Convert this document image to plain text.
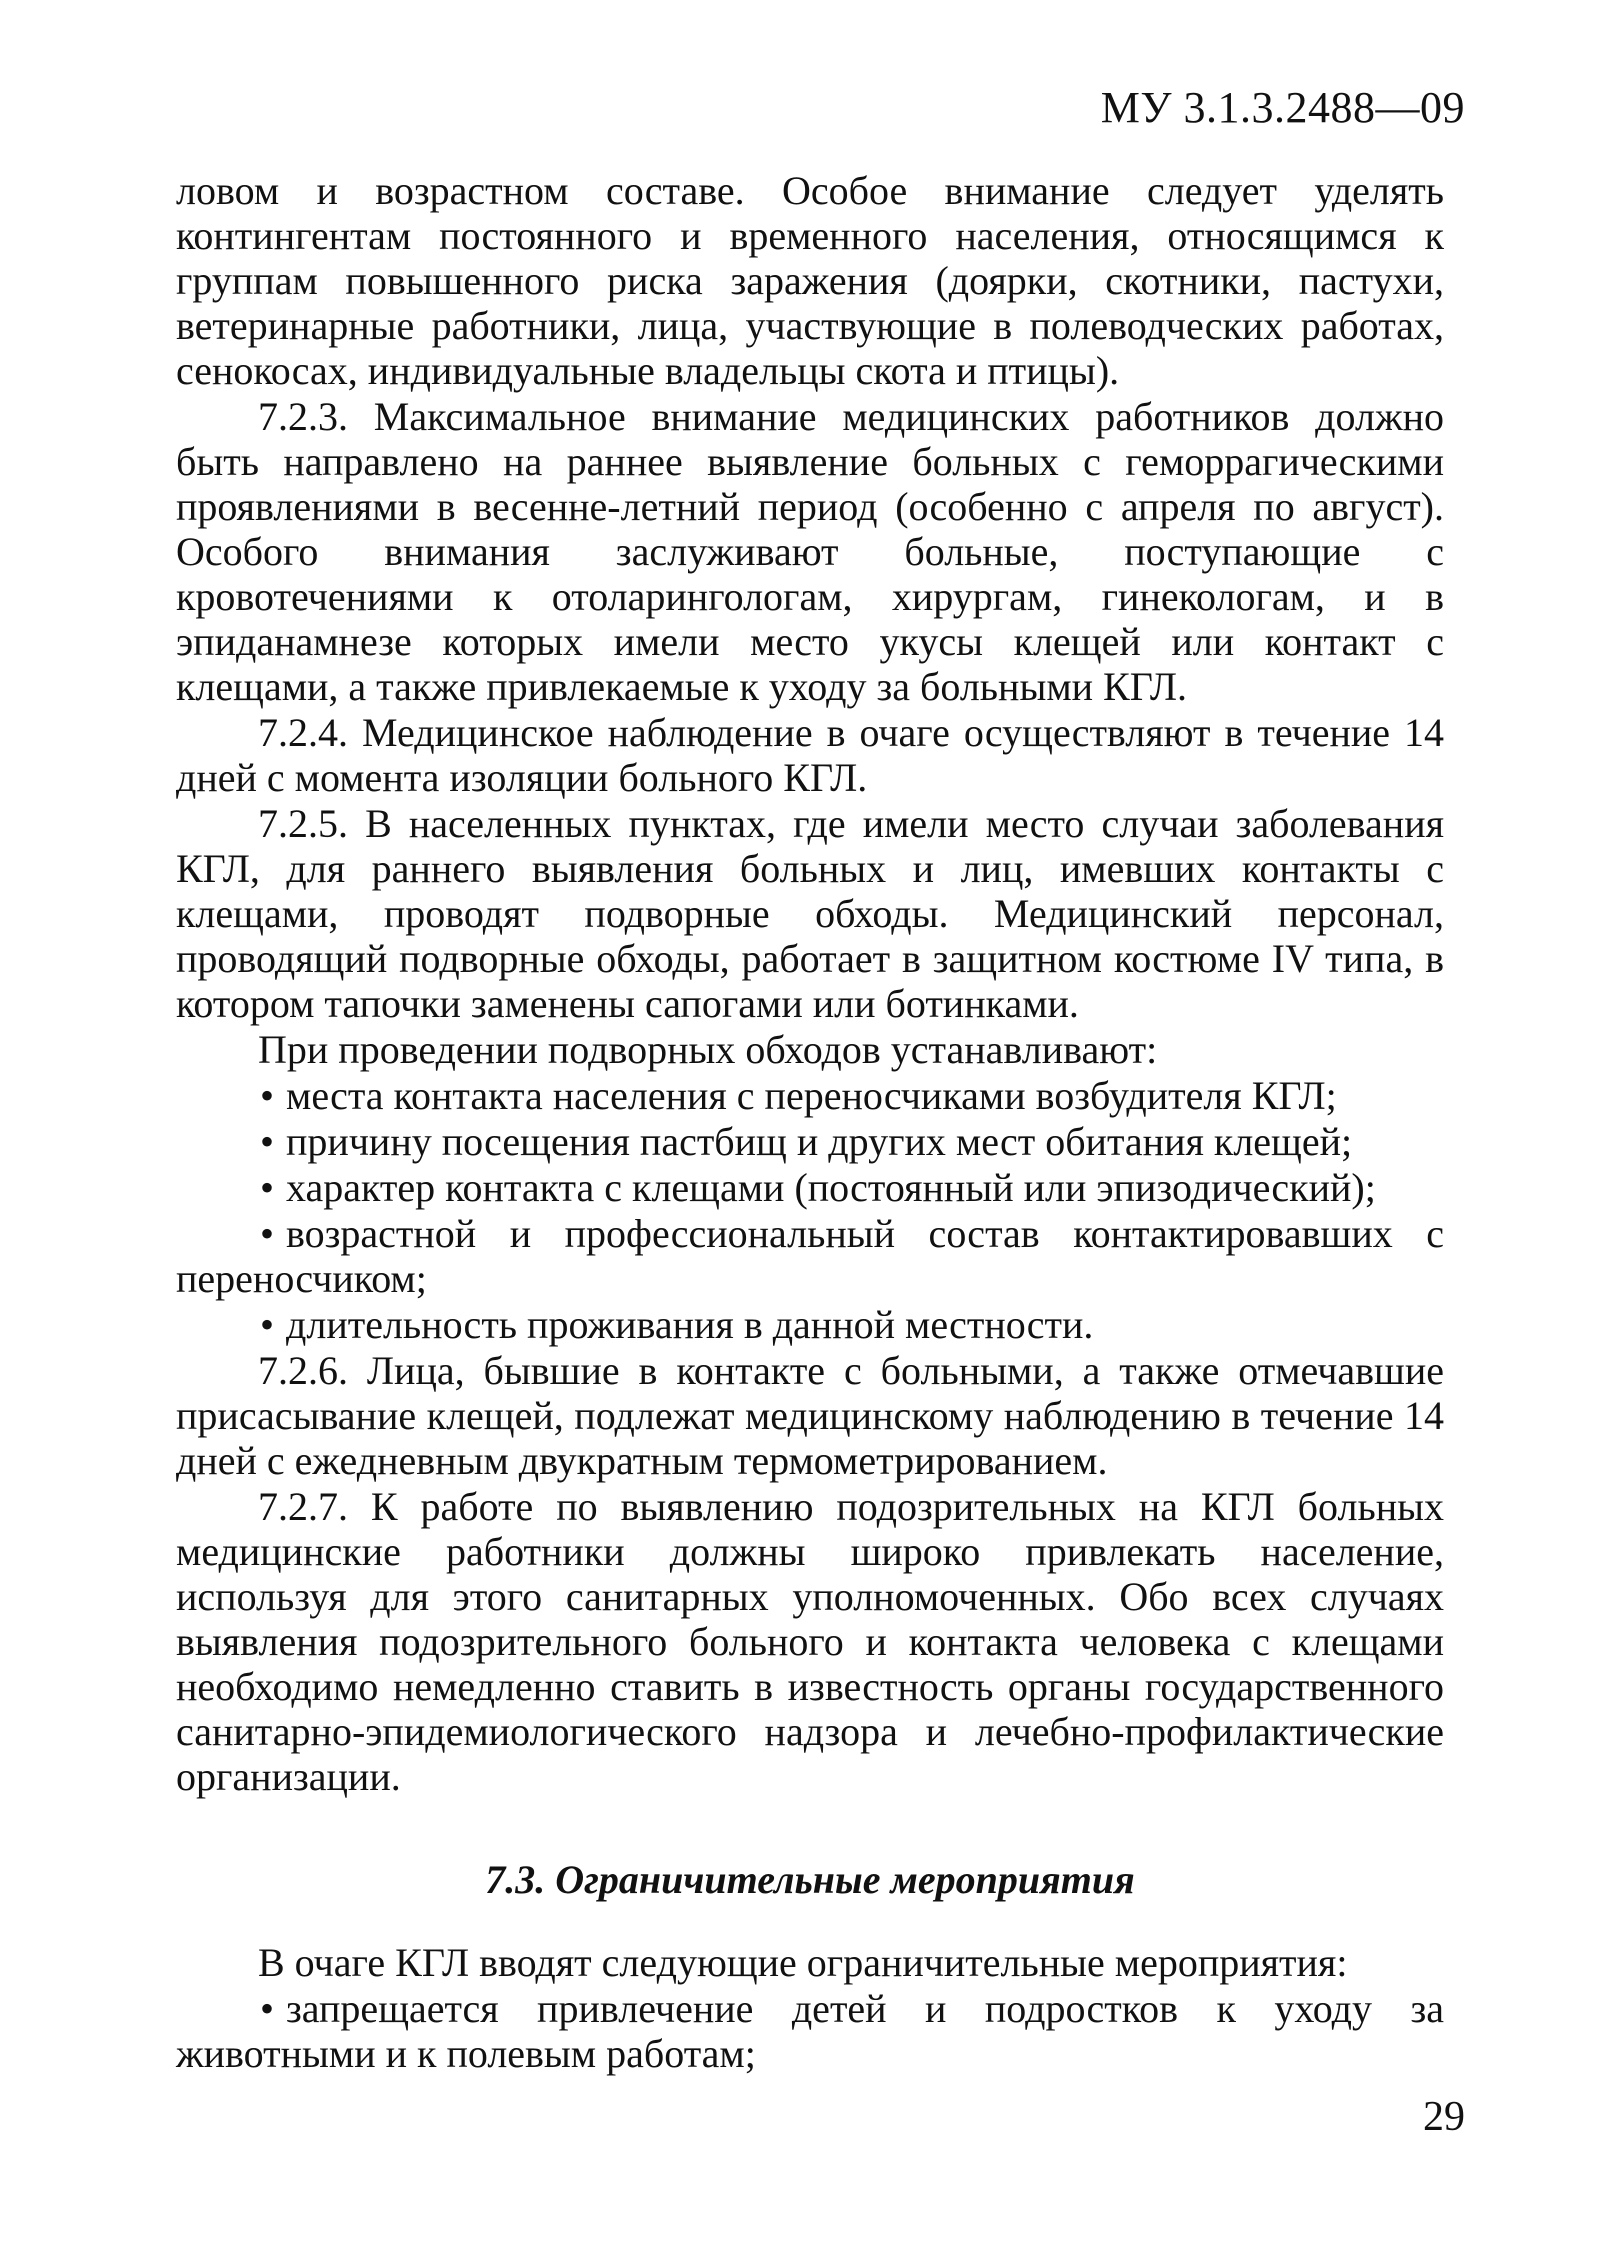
МУ 3.1.3.2488—09

ловом и возрастном составе. Особое внимание следует уделять контингентам постоянного и временного населения, относящимся к группам повышенного риска заражения (доярки, скотники, пастухи, ветеринарные работники, лица, участвующие в полеводческих работах, сенокосах, индивидуальные владельцы скота и птицы).

7.2.3. Максимальное внимание медицинских работников должно быть направлено на раннее выявление больных с геморрагическими проявлениями в весенне-летний период (особенно с апреля по август). Особого внимания заслуживают больные, поступающие с кровотечениями к отоларингологам, хирургам, гинекологам, и в эпиданамнезе которых имели место укусы клещей или контакт с клещами, а также привлекаемые к уходу за больными КГЛ.

7.2.4. Медицинское наблюдение в очаге осуществляют в течение 14 дней с момента изоляции больного КГЛ.

7.2.5. В населенных пунктах, где имели место случаи заболевания КГЛ, для раннего выявления больных и лиц, имевших контакты с клещами, проводят подворные обходы. Медицинский персонал, проводящий подворные обходы, работает в защитном костюме IV типа, в котором тапочки заменены сапогами или ботинками.

При проведении подворных обходов устанавливают:

• места контакта населения с переносчиками возбудителя КГЛ;

• причину посещения пастбищ и других мест обитания клещей;

• характер контакта с клещами (постоянный или эпизодический);

• возрастной и профессиональный состав контактировавших с переносчиком;

• длительность проживания в данной местности.

7.2.6. Лица, бывшие в контакте с больными, а также отмечавшие присасывание клещей, подлежат медицинскому наблюдению в течение 14 дней с ежедневным двукратным термометрированием.

7.2.7. К работе по выявлению подозрительных на КГЛ больных медицинские работники должны широко привлекать население, используя для этого санитарных уполномоченных. Обо всех случаях выявления подозрительного больного и контакта человека с клещами необходимо немедленно ставить в известность органы государственного санитарно-эпидемиологического надзора и лечебно-профилактические организации.

7.3. Ограничительные мероприятия

В очаге КГЛ вводят следующие ограничительные мероприятия:

• запрещается привлечение детей и подростков к уходу за животными и к полевым работам;

29
